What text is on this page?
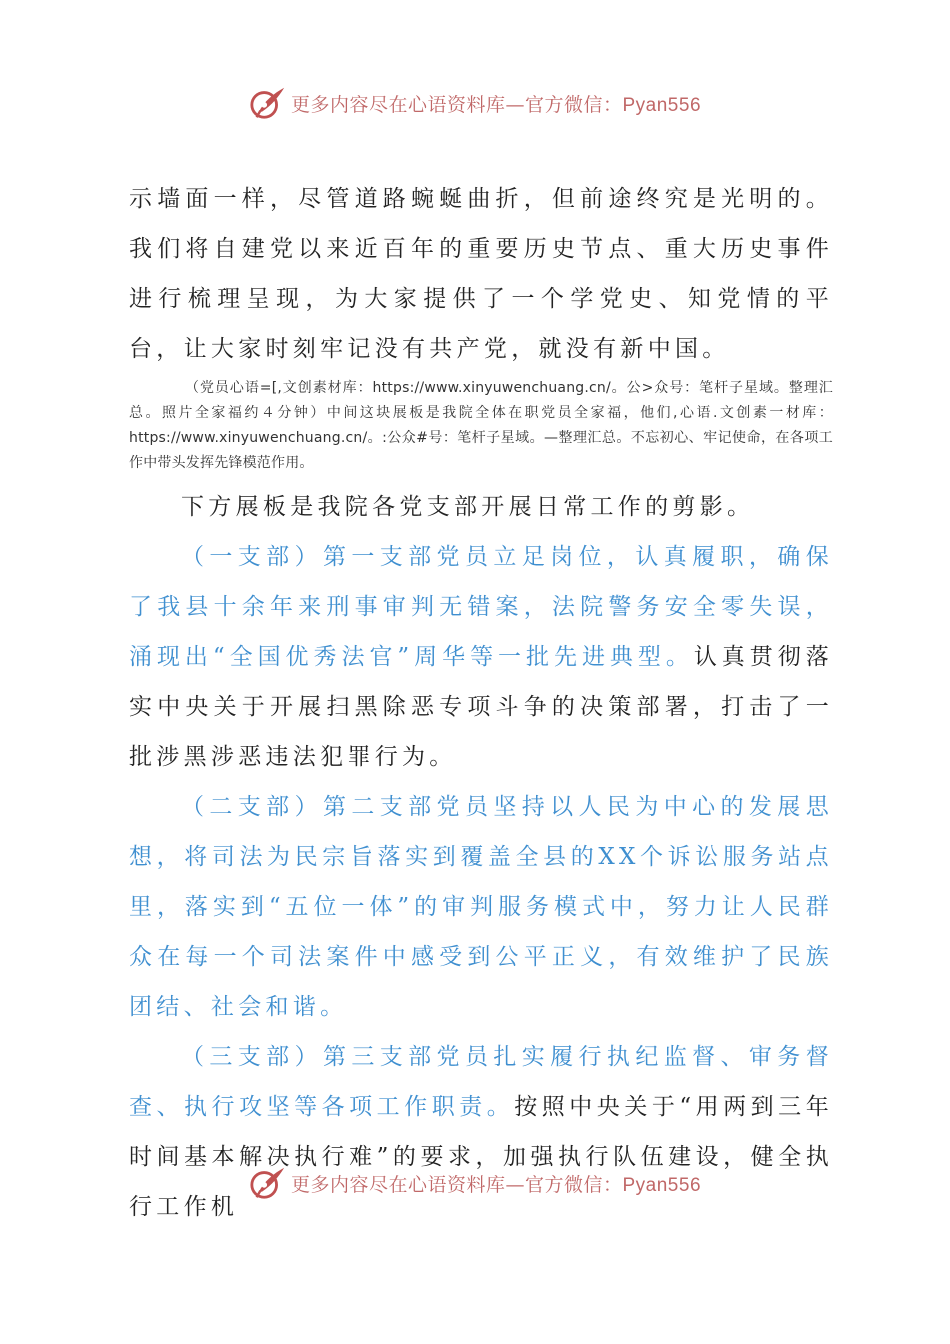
更多内容尽在心语资料库—官方微信：Pyan556

示墙面一样，尽管道路蜿蜒曲折，但前途终究是光明的。我们将自建党以来近百年的重要历史节点、重大历史事件进行梳理呈现，为大家提供了一个学党史、知党情的平台，让大家时刻牢记没有共产党，就没有新中国。

（党员心语=[,文创素材库：https://www.xinyuwenchuang.cn/。公>众号：笔杆子星域。整理汇总。照片全家福约４分钟）中间这块展板是我院全体在职党员全家福，他们,心语.文创素一材库：https://www.xinyuwenchuang.cn/。:公众#号：笔杆子星域。—整理汇总。不忘初心、牢记使命，在各项工作中带头发挥先锋模范作用。

下方展板是我院各党支部开展日常工作的剪影。

（一支部）第一支部党员立足岗位，认真履职，确保了我县十余年来刑事审判无错案，法院警务安全零失误，涌现出“全国优秀法官”周华等一批先进典型。认真贯彻落实中央关于开展扫黑除恶专项斗争的决策部署，打击了一批涉黑涉恶违法犯罪行为。

（二支部）第二支部党员坚持以人民为中心的发展思想，将司法为民宗旨落实到覆盖全县的XX个诉讼服务站点里，落实到“五位一体”的审判服务模式中，努力让人民群众在每一个司法案件中感受到公平正义，有效维护了民族团结、社会和谐。

（三支部）第三支部党员扎实履行执纪监督、审务督查、执行攻坚等各项工作职责。按照中央关于“用两到三年时间基本解决执行难”的要求，加强执行队伍建设，健全执行工作机

更多内容尽在心语资料库—官方微信：Pyan556
